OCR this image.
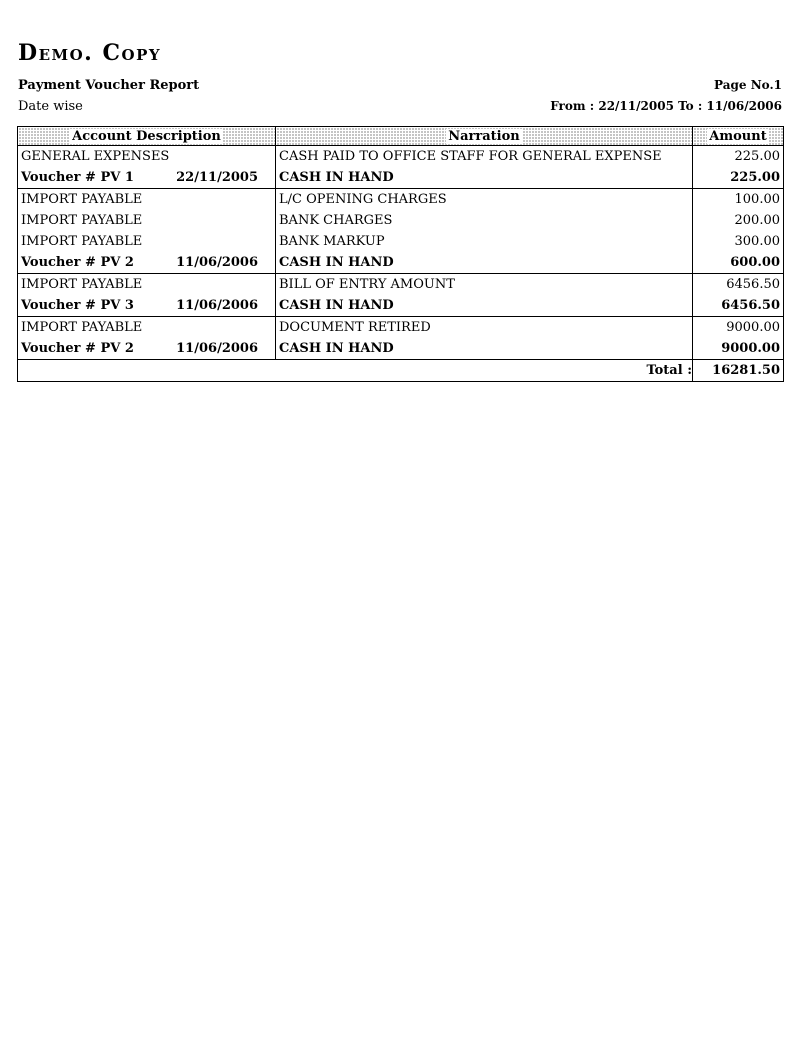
Demo. Copy
Payment Voucher Report
Date wise
Page No.1
From : 22/11/2005 To : 11/06/2006
Account Description	Narration	Amount
GENERAL EXPENSES	CASH PAID TO OFFICE STAFF FOR GENERAL EXPENSE	225.00

Voucher # PV 1 22/11/2005	CASH IN HAND	225.00
IMPORT PAYABLE	L/C OPENING CHARGES	100.00
IMPORT PAYABLE	BANK CHARGES	200.00
IMPORT PAYABLE	BANK MARKUP	300.00

Voucher # PV 2 11/06/2006	CASH IN HAND	600.00
IMPORT PAYABLE	BILL OF ENTRY AMOUNT	6456.50

Voucher # PV 3 11/06/2006	CASH IN HAND	6456.50
IMPORT PAYABLE	DOCUMENT RETIRED	9000.00

Voucher # PV 2 11/06/2006	CASH IN HAND	9000.00
Total :		16281.50
